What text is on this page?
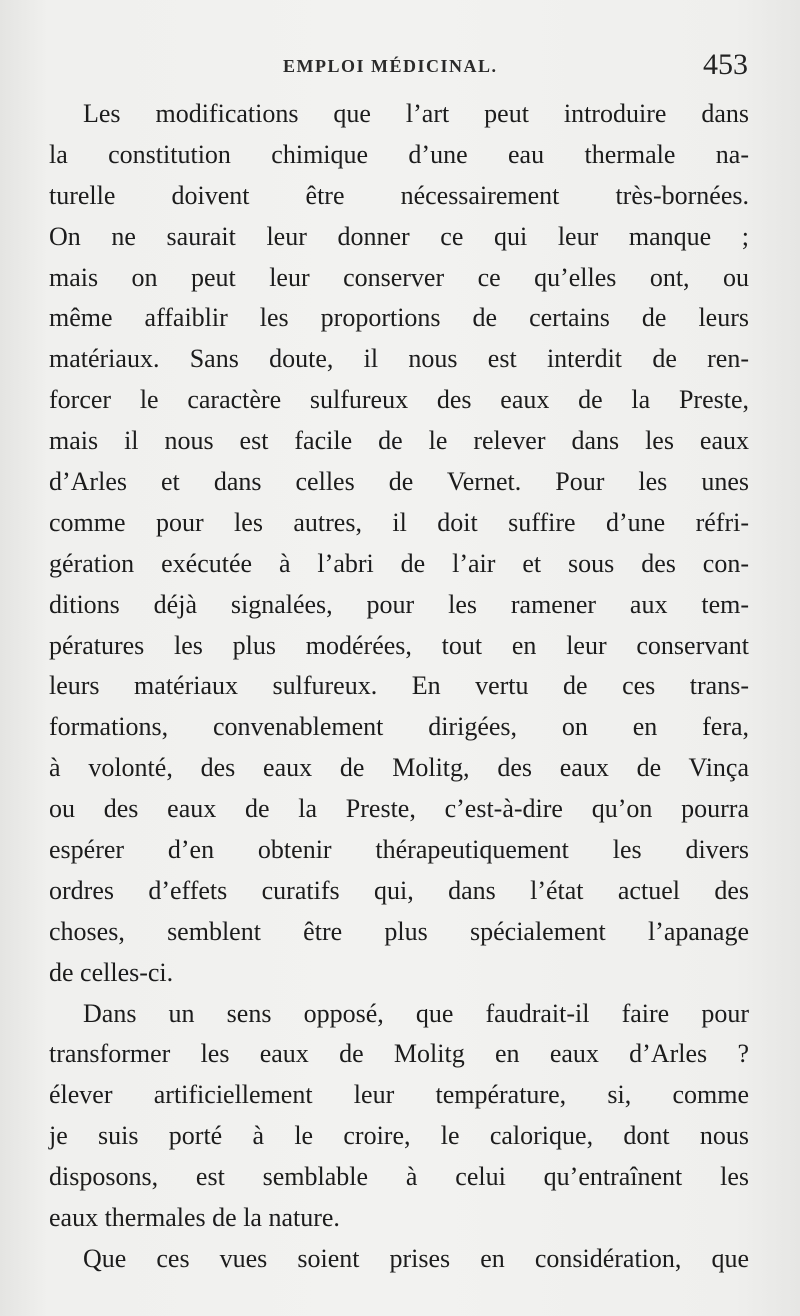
EMPLOI MÉDICINAL.	453
Les modifications que l’art peut introduire dans
la constitution chimique d’une eau thermale na-
turelle doivent être nécessairement très-bornées.
On ne saurait leur donner ce qui leur manque ;
mais on peut leur conserver ce qu’elles ont, ou
même affaiblir les proportions de certains de leurs
matériaux. Sans doute, il nous est interdit de ren-
forcer le caractère sulfureux des eaux de la Preste,
mais il nous est facile de le relever dans les eaux
d’Arles et dans celles de Vernet. Pour les unes
comme pour les autres, il doit suffire d’une réfri-
gération exécutée à l’abri de l’air et sous des con-
ditions déjà signalées, pour les ramener aux tem-
pératures les plus modérées, tout en leur conservant
leurs matériaux sulfureux. En vertu de ces trans-
formations, convenablement dirigées, on en fera,
à volonté, des eaux de Molitg, des eaux de Vinça
ou des eaux de la Preste, c’est-à-dire qu’on pourra
espérer d’en obtenir thérapeutiquement les divers
ordres d’effets curatifs qui, dans l’état actuel des
choses, semblent être plus spécialement l’apanage
de celles-ci.
Dans un sens opposé, que faudrait-il faire pour
transformer les eaux de Molitg en eaux d’Arles ?
élever artificiellement leur température, si, comme
je suis porté à le croire, le calorique, dont nous
disposons, est semblable à celui qu’entraînent les
eaux thermales de la nature.
Que ces vues soient prises en considération, que
